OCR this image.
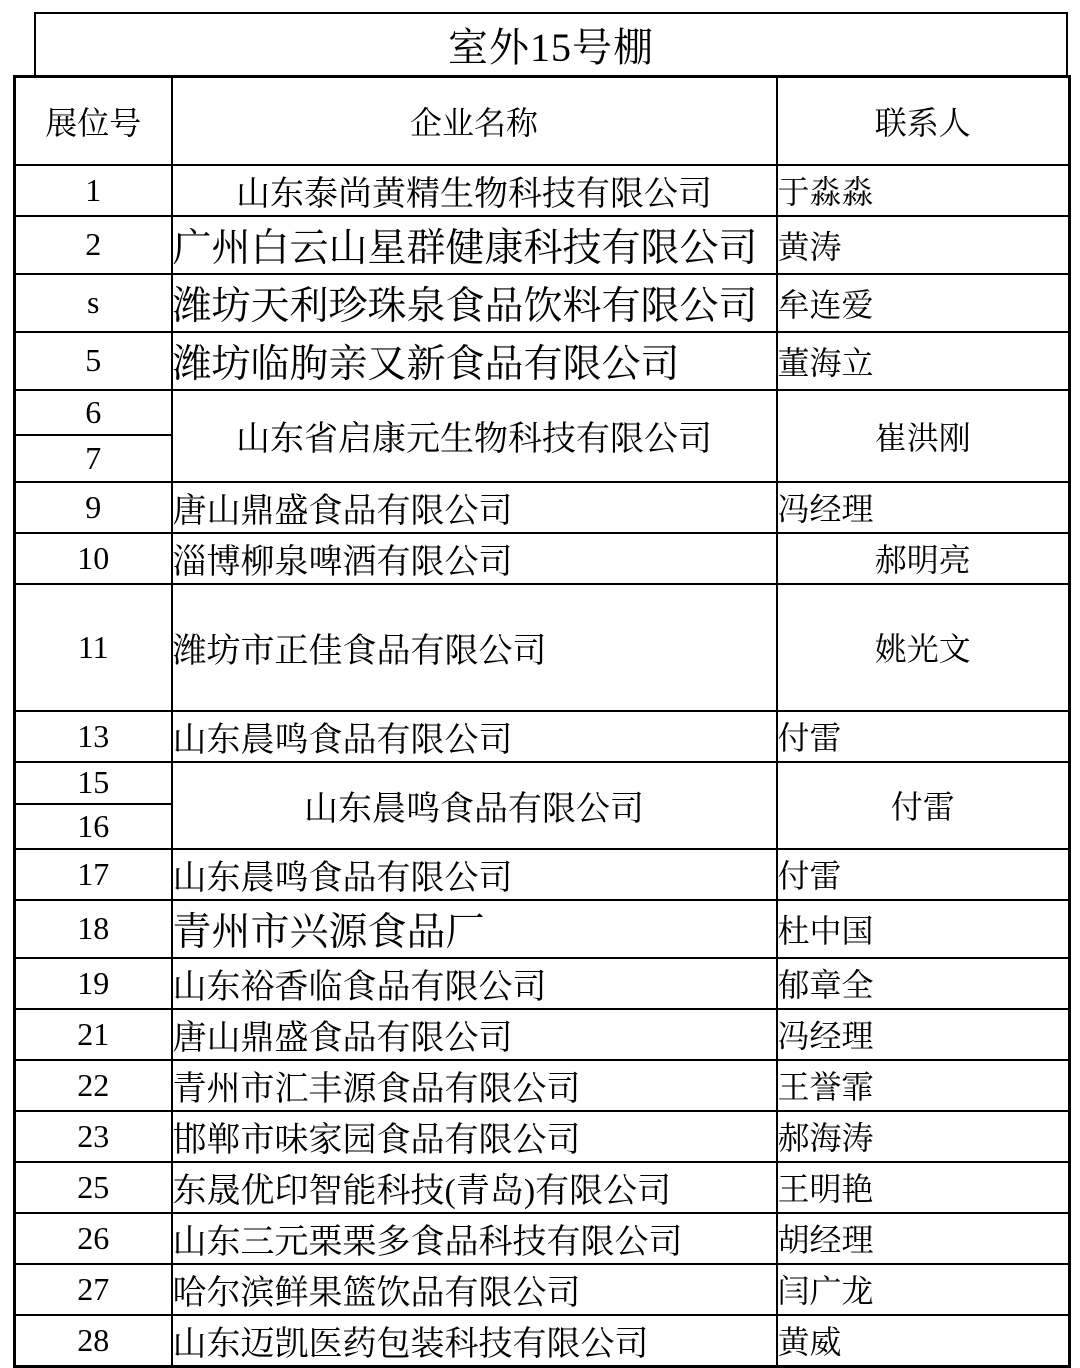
室外15号棚
展位号	企业名称	联系人
1	山东泰尚黄精生物科技有限公司	于淼淼
2	广州白云山星群健康科技有限公司	黄涛
s	潍坊天利珍珠泉食品饮料有限公司	牟连爱
5	潍坊临朐亲又新食品有限公司	董海立
6	山东省启康元生物科技有限公司	崔洪刚
7		
9	唐山鼎盛食品有限公司	冯经理
10	淄博柳泉啤酒有限公司	郝明亮
11	潍坊市正佳食品有限公司	姚光文
13	山东晨鸣食品有限公司	付雷
15	山东晨鸣食品有限公司	付雷
16		
17	山东晨鸣食品有限公司	付雷
18	青州市兴源食品厂	杜中国
19	山东裕香临食品有限公司	郁章全
21	唐山鼎盛食品有限公司	冯经理
22	青州市汇丰源食品有限公司	王誉霏
23	邯郸市味家园食品有限公司	郝海涛
25	东晟优印智能科技(青岛)有限公司	王明艳
26	山东三元栗栗多食品科技有限公司	胡经理
27	哈尔滨鲜果篮饮品有限公司	闫广龙
28	山东迈凯医药包装科技有限公司	黄威
